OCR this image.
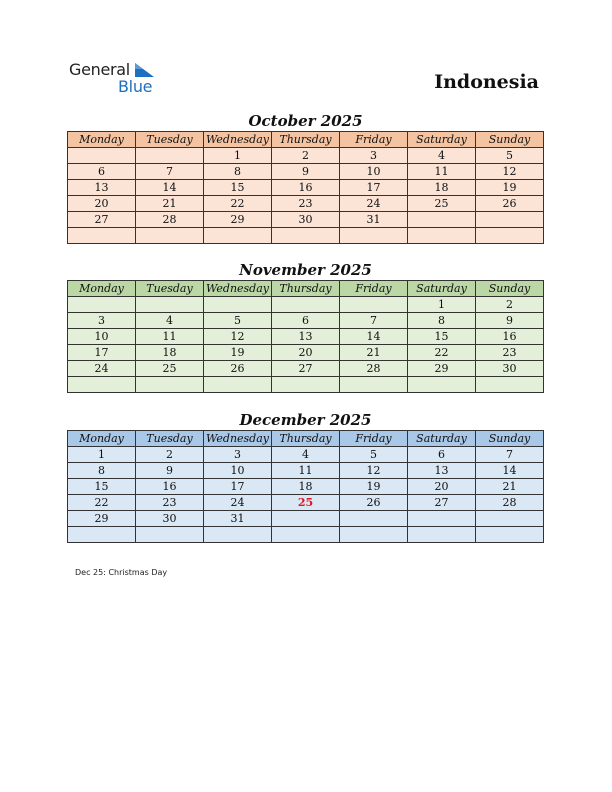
General
Blue	Indonesia
October 2025
Monday	Tuesday	Wednesday	Thursday	Friday	Saturday	Sunday
		1	2	3	4	5
6	7	8	9	10	11	12
13	14	15	16	17	18	19
20	21	22	23	24	25	26
27	28	29	30	31		

November 2025
Monday	Tuesday	Wednesday	Thursday	Friday	Saturday	Sunday
					1	2
3	4	5	6	7	8	9
10	11	12	13	14	15	16
17	18	19	20	21	22	23
24	25	26	27	28	29	30

December 2025
Monday	Tuesday	Wednesday	Thursday	Friday	Saturday	Sunday
1	2	3	4	5	6	7
8	9	10	11	12	13	14
15	16	17	18	19	20	21
22	23	24	25	26	27	28
29	30	31				

Dec 25: Christmas Day
